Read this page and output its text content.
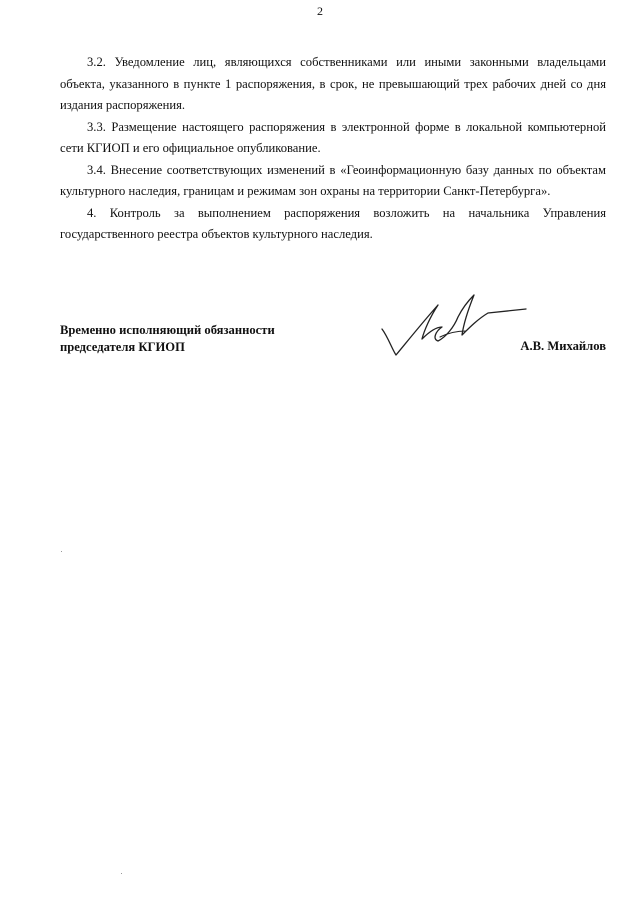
2

3.2. Уведомление лиц, являющихся собственниками или иными законными владельцами объекта, указанного в пункте 1 распоряжения, в срок, не превышающий трех рабочих дней со дня издания распоряжения.

3.3. Размещение настоящего распоряжения в электронной форме в локальной компьютерной сети КГИОП и его официальное опубликование.

3.4. Внесение соответствующих изменений в «Геоинформационную базу данных по объектам культурного наследия, границам и режимам зон охраны на территории Санкт-Петербурга».

4. Контроль за выполнением распоряжения возложить на начальника Управления государственного реестра объектов культурного наследия.

Временно исполняющий обязанности
председателя КГИОП	А.В. Михайлов
